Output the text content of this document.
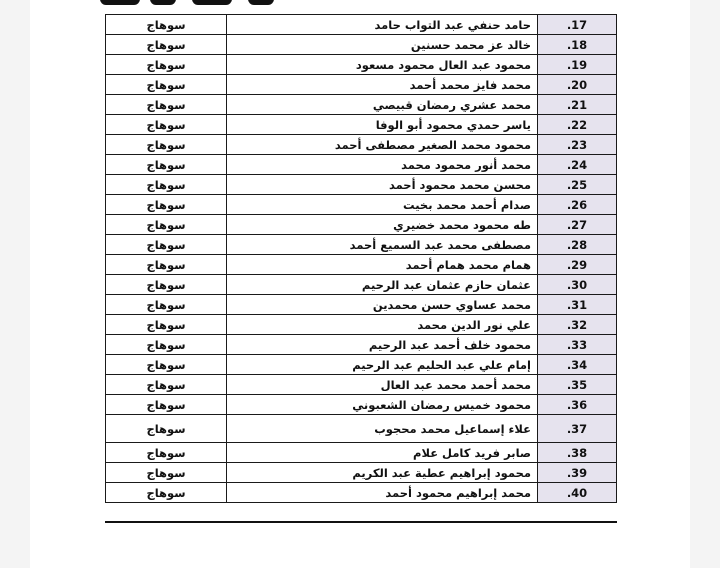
.17	حامد حنفي عبد التواب حامد	سوهاج
.18	خالد عز محمد حسنين	سوهاج
.19	محمود عبد العال محمود مسعود	سوهاج
.20	محمد فايز محمد أحمد	سوهاج
.21	محمد عشري رمضان قبيصي	سوهاج
.22	ياسر حمدي محمود أبو الوفا	سوهاج
.23	محمود محمد الصغير مصطفى أحمد	سوهاج
.24	محمد أنور محمود محمد	سوهاج
.25	محسن محمد محمود أحمد	سوهاج
.26	صدام أحمد محمد بخيت	سوهاج
.27	طه محمود محمد خضيري	سوهاج
.28	مصطفى محمد عبد السميع أحمد	سوهاج
.29	همام محمد همام أحمد	سوهاج
.30	عثمان حازم عثمان عبد الرحيم	سوهاج
.31	محمد عساوي حسن محمدين	سوهاج
.32	علي نور الدين محمد	سوهاج
.33	محمود خلف أحمد عبد الرحيم	سوهاج
.34	إمام علي عبد الحليم عبد الرحيم	سوهاج
.35	محمد أحمد محمد عبد العال	سوهاج
.36	محمود خميس رمضان الشعبوني	سوهاج
.37	علاء إسماعيل محمد محجوب	سوهاج
.38	صابر فريد كامل علام	سوهاج
.39	محمود إبراهيم عطية عبد الكريم	سوهاج
.40	محمد إبراهيم محمود أحمد	سوهاج
